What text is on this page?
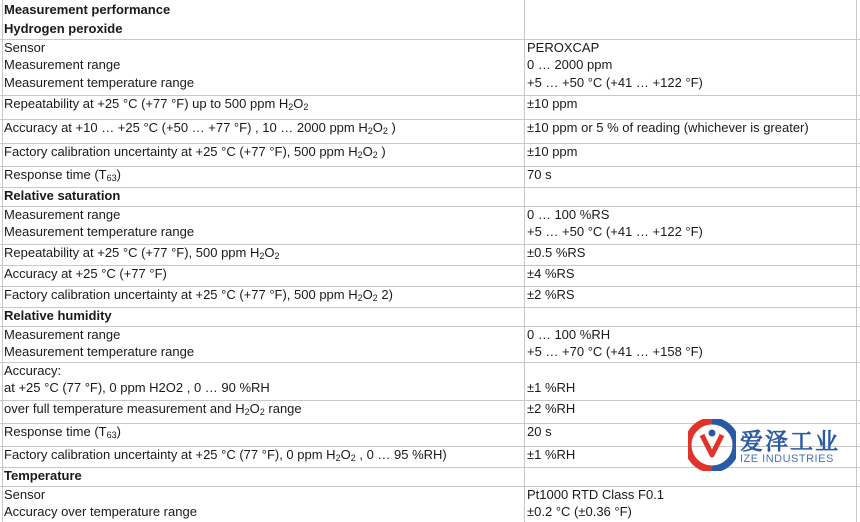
Measurement performance
Hydrogen peroxide
Sensor	PEROXCAP
Measurement range	0 … 2000 ppm
Measurement temperature range	+5 … +50 °C (+41 … +122 °F)
Repeatability at +25 °C (+77 °F) up to 500 ppm $H_2O_2$	±10 ppm
Accuracy at +10 … +25 °C (+50 … +77 °F) , 10 … 2000 ppm $H_2O_2$ )	±10 ppm or 5 % of reading (whichever is greater)
Factory calibration uncertainty at +25 °C (+77 °F), 500 ppm $H_2O_2$ )	±10 ppm
Response time $(T_{63})$	70 s
Relative saturation
Measurement range	0 … 100 %RS
Measurement temperature range	+5 … +50 °C (+41 … +122 °F)
Repeatability at +25 °C (+77 °F), 500 ppm $H_2O_2$	±0.5 %RS
Accuracy at +25 °C (+77 °F)	±4 %RS
Factory calibration uncertainty at +25 °C (+77 °F), 500 ppm $H_2O_2$ 2)	±2 %RS
Relative humidity
Measurement range	0 … 100 %RH
Measurement temperature range	+5 … +70 °C (+41 … +158 °F)
Accuracy:
at +25 °C (77 °F), 0 ppm H2O2 , 0 … 90 %RH	±1 %RH
over full temperature measurement and $H_2O_2$ range	±2 %RH
Response time $(T_{63})$	20 s
Factory calibration uncertainty at +25 °C (77 °F), 0 ppm $H_2O_2$ , 0 … 95 %RH)	±1 %RH
Temperature
Sensor	Pt1000 RTD Class F0.1
Accuracy over temperature range	±0.2 °C (±0.36 °F)
爱泽工业
IZE INDUSTRIES
